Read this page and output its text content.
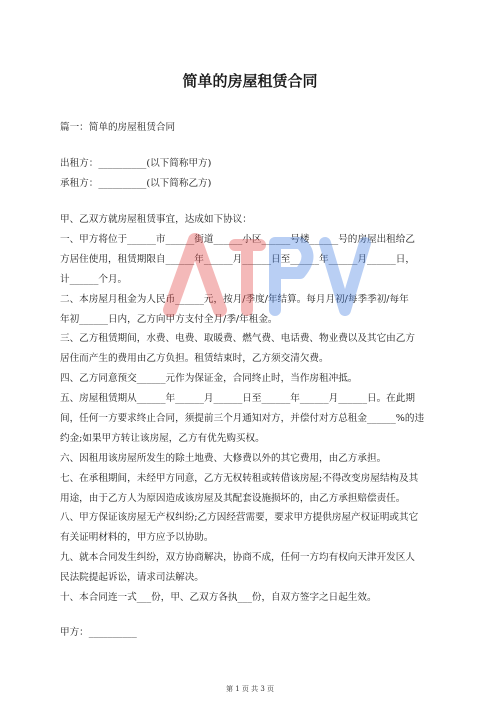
简单的房屋租赁合同
篇一：简单的房屋租赁合同
出租方：__________(以下简称甲方)
承租方：__________(以下简称乙方)
甲、乙双方就房屋租赁事宜，达成如下协议：
一、甲方将位于______市______街道______小区______号楼______号的房屋出租给乙
方居住使用，租赁期限自______年______月______日至______年______月______日，
计______个月。
二、本房屋月租金为人民币______元，按月/季度/年结算。每月月初/每季季初/每年
年初______日内，乙方向甲方支付全月/季/年租金。
三、乙方租赁期间，水费、电费、取暖费、燃气费、电话费、物业费以及其它由乙方
居住而产生的费用由乙方负担。租赁结束时，乙方须交清欠费。
四、乙方同意预交______元作为保证金，合同终止时，当作房租冲抵。
五、房屋租赁期从______年______月______日至______年______月______日。在此期
间，任何一方要求终止合同，须提前三个月通知对方，并偿付对方总租金______%的违
约金;如果甲方转让该房屋，乙方有优先购买权。
六、因租用该房屋所发生的除土地费、大修费以外的其它费用，由乙方承担。
七、在承租期间，未经甲方同意，乙方无权转租或转借该房屋;不得改变房屋结构及其
用途，由于乙方人为原因造成该房屋及其配套设施损坏的，由乙方承担赔偿责任。
八、甲方保证该房屋无产权纠纷;乙方因经营需要，要求甲方提供房屋产权证明或其它
有关证明材料的，甲方应予以协助。
九、就本合同发生纠纷，双方协商解决，协商不成，任何一方均有权向天津开发区人
民法院提起诉讼，请求司法解决。
十、本合同连一式___份，甲、乙双方各执___份，自双方签字之日起生效。
甲方：__________
第 1 页 共 3 页
